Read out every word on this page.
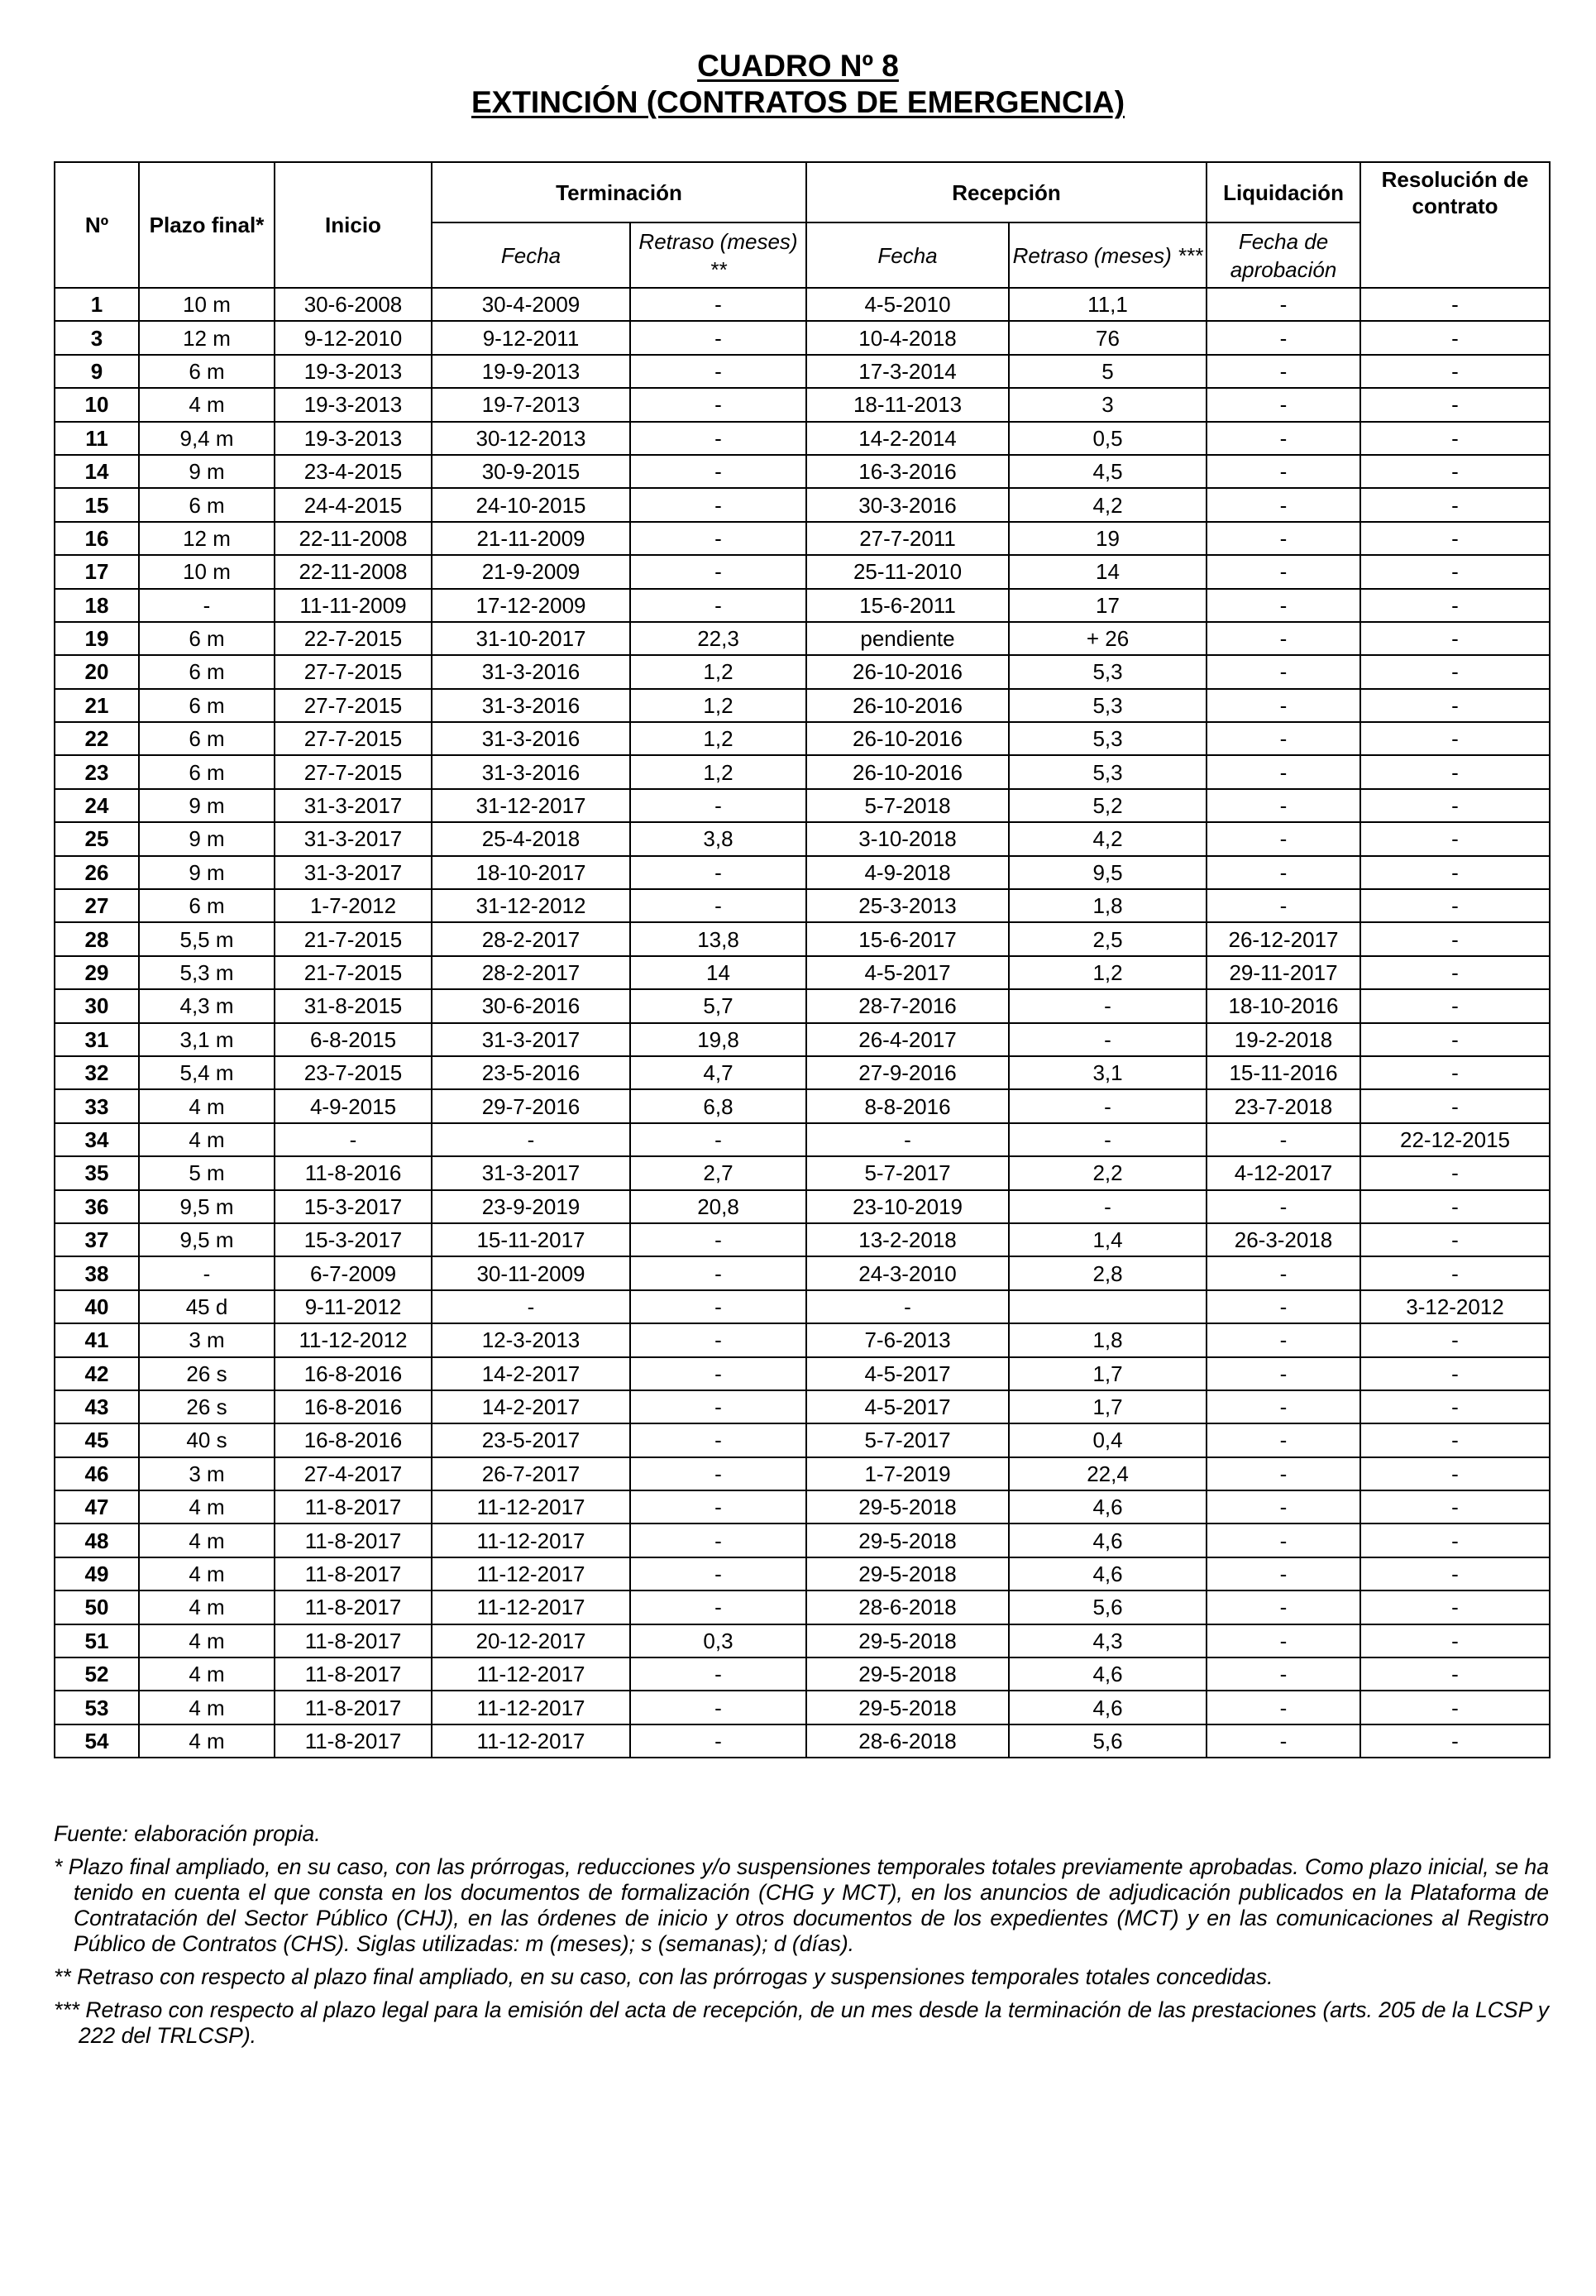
CUADRO Nº 8
EXTINCIÓN (CONTRATOS DE EMERGENCIA)
Nº	Plazo final*	Inicio	Terminación		Recepción		Liquidación	Resolución de contrato
			Fecha	Retraso (meses) **	Fecha	Retraso (meses) ***	Fecha de aprobación	
1	10 m	30-6-2008	30-4-2009	-	4-5-2010	11,1	-	-
3	12 m	9-12-2010	9-12-2011	-	10-4-2018	76	-	-
9	6 m	19-3-2013	19-9-2013	-	17-3-2014	5	-	-
10	4 m	19-3-2013	19-7-2013	-	18-11-2013	3	-	-
11	9,4 m	19-3-2013	30-12-2013	-	14-2-2014	0,5	-	-
14	9 m	23-4-2015	30-9-2015	-	16-3-2016	4,5	-	-
15	6 m	24-4-2015	24-10-2015	-	30-3-2016	4,2	-	-
16	12 m	22-11-2008	21-11-2009	-	27-7-2011	19	-	-
17	10 m	22-11-2008	21-9-2009	-	25-11-2010	14	-	-
18	-	11-11-2009	17-12-2009	-	15-6-2011	17	-	-
19	6 m	22-7-2015	31-10-2017	22,3	pendiente	+ 26	-	-
20	6 m	27-7-2015	31-3-2016	1,2	26-10-2016	5,3	-	-
21	6 m	27-7-2015	31-3-2016	1,2	26-10-2016	5,3	-	-
22	6 m	27-7-2015	31-3-2016	1,2	26-10-2016	5,3	-	-
23	6 m	27-7-2015	31-3-2016	1,2	26-10-2016	5,3	-	-
24	9 m	31-3-2017	31-12-2017	-	5-7-2018	5,2	-	-
25	9 m	31-3-2017	25-4-2018	3,8	3-10-2018	4,2	-	-
26	9 m	31-3-2017	18-10-2017	-	4-9-2018	9,5	-	-
27	6 m	1-7-2012	31-12-2012	-	25-3-2013	1,8	-	-
28	5,5 m	21-7-2015	28-2-2017	13,8	15-6-2017	2,5	26-12-2017	-
29	5,3 m	21-7-2015	28-2-2017	14	4-5-2017	1,2	29-11-2017	-
30	4,3 m	31-8-2015	30-6-2016	5,7	28-7-2016	-	18-10-2016	-
31	3,1 m	6-8-2015	31-3-2017	19,8	26-4-2017	-	19-2-2018	-
32	5,4 m	23-7-2015	23-5-2016	4,7	27-9-2016	3,1	15-11-2016	-
33	4 m	4-9-2015	29-7-2016	6,8	8-8-2016	-	23-7-2018	-
34	4 m	-	-	-	-	-	-	22-12-2015
35	5 m	11-8-2016	31-3-2017	2,7	5-7-2017	2,2	4-12-2017	-
36	9,5 m	15-3-2017	23-9-2019	20,8	23-10-2019	-	-	-
37	9,5 m	15-3-2017	15-11-2017	-	13-2-2018	1,4	26-3-2018	-
38	-	6-7-2009	30-11-2009	-	24-3-2010	2,8	-	-
40	45 d	9-11-2012	-	-	-		-	3-12-2012
41	3 m	11-12-2012	12-3-2013	-	7-6-2013	1,8	-	-
42	26 s	16-8-2016	14-2-2017	-	4-5-2017	1,7	-	-
43	26 s	16-8-2016	14-2-2017	-	4-5-2017	1,7	-	-
45	40 s	16-8-2016	23-5-2017	-	5-7-2017	0,4	-	-
46	3 m	27-4-2017	26-7-2017	-	1-7-2019	22,4	-	-
47	4 m	11-8-2017	11-12-2017	-	29-5-2018	4,6	-	-
48	4 m	11-8-2017	11-12-2017	-	29-5-2018	4,6	-	-
49	4 m	11-8-2017	11-12-2017	-	29-5-2018	4,6	-	-
50	4 m	11-8-2017	11-12-2017	-	28-6-2018	5,6	-	-
51	4 m	11-8-2017	20-12-2017	0,3	29-5-2018	4,3	-	-
52	4 m	11-8-2017	11-12-2017	-	29-5-2018	4,6	-	-
53	4 m	11-8-2017	11-12-2017	-	29-5-2018	4,6	-	-
54	4 m	11-8-2017	11-12-2017	-	28-6-2018	5,6	-	-
Fuente: elaboración propia.
* Plazo final ampliado, en su caso, con las prórrogas, reducciones y/o suspensiones temporales totales previamente aprobadas. Como plazo inicial, se ha tenido en cuenta el que consta en los documentos de formalización (CHG y MCT), en los anuncios de adjudicación publicados en la Plataforma de Contratación del Sector Público (CHJ), en las órdenes de inicio y otros documentos de los expedientes (MCT) y en las comunicaciones al Registro Público de Contratos (CHS). Siglas utilizadas: m (meses); s (semanas); d (días).
** Retraso con respecto al plazo final ampliado, en su caso, con las prórrogas y suspensiones temporales totales concedidas.
*** Retraso con respecto al plazo legal para la emisión del acta de recepción, de un mes desde la terminación de las prestaciones (arts. 205 de la LCSP y 222 del TRLCSP).
